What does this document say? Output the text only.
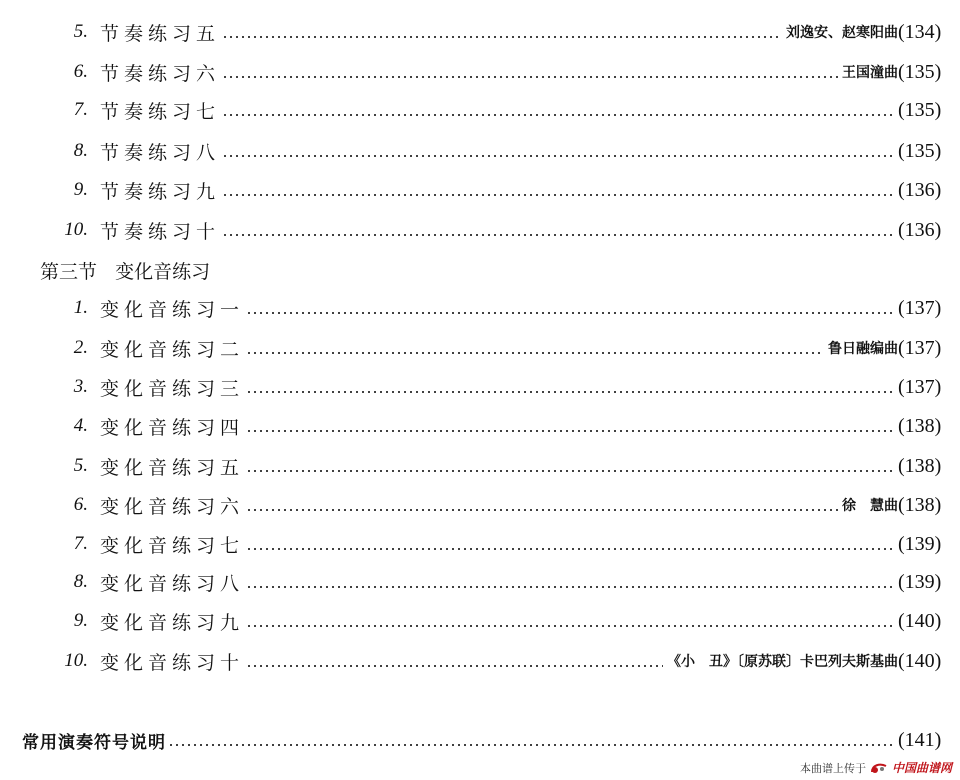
5. 节奏练习五	刘逸安、赵寒阳曲 (134)
6. 节奏练习六	王国潼曲 (135)
7. 节奏练习七	(135)
8. 节奏练习八	(135)
9. 节奏练习九	(136)
10. 节奏练习十	(136)
第三节
变化音练习
1. 变化音练习一	(137)
2. 变化音练习二	鲁日融编曲 (137)
3. 变化音练习三	(137)
4. 变化音练习四	(138)
5. 变化音练习五	(138)
6. 变化音练习六	徐　慧曲 (138)
7. 变化音练习七	(139)
8. 变化音练习八	(139)
9. 变化音练习九	(140)
10. 变化音练习十	《小　丑》〔原苏联〕卡巴列夫斯基曲 (140)
常用演奏符号说明	(141)
本曲谱上传于 中国曲谱网
